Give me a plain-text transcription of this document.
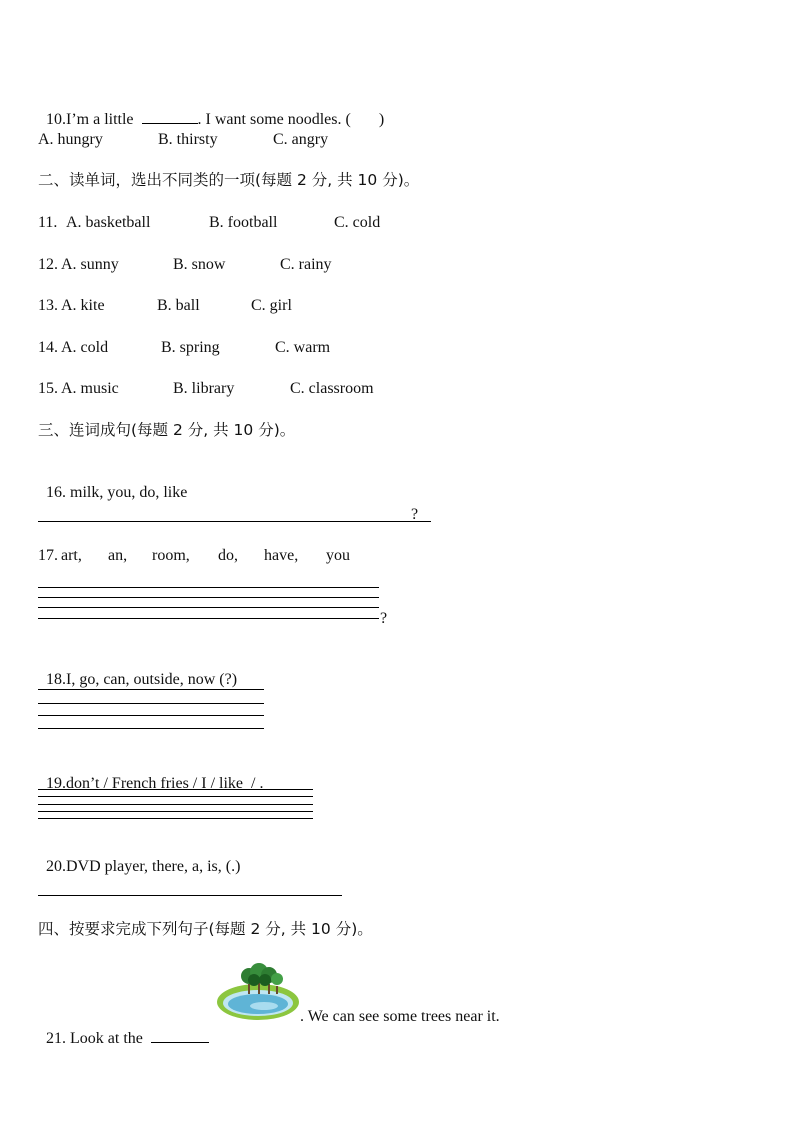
10.I’m a little	. I want some noodles. ( )

A. hungry	B. thirsty	C. angry
二、读单词，选出不同类的一项(每题 2 分, 共 10 分)。
11. A. basketball	B. football	C. cold
12. A. sunny	B. snow	C. rainy
13. A. kite	B. ball	C. girl
14. A. cold	B. spring	C. warm
15. A. music	B. library	C. classroom
三、连词成句(每题 2 分, 共 10 分)。

16. milk, you, do, like

?
17. art, an, room, do, have, you
?

18.I, go, can, outside, now (?)

19.don’t / French fries / I / like  / .

20.DVD player, there, a, is, (.)

四、按要求完成下列句子(每题 2 分, 共 10 分)。

21. Look at the

. We can see some trees near it.
